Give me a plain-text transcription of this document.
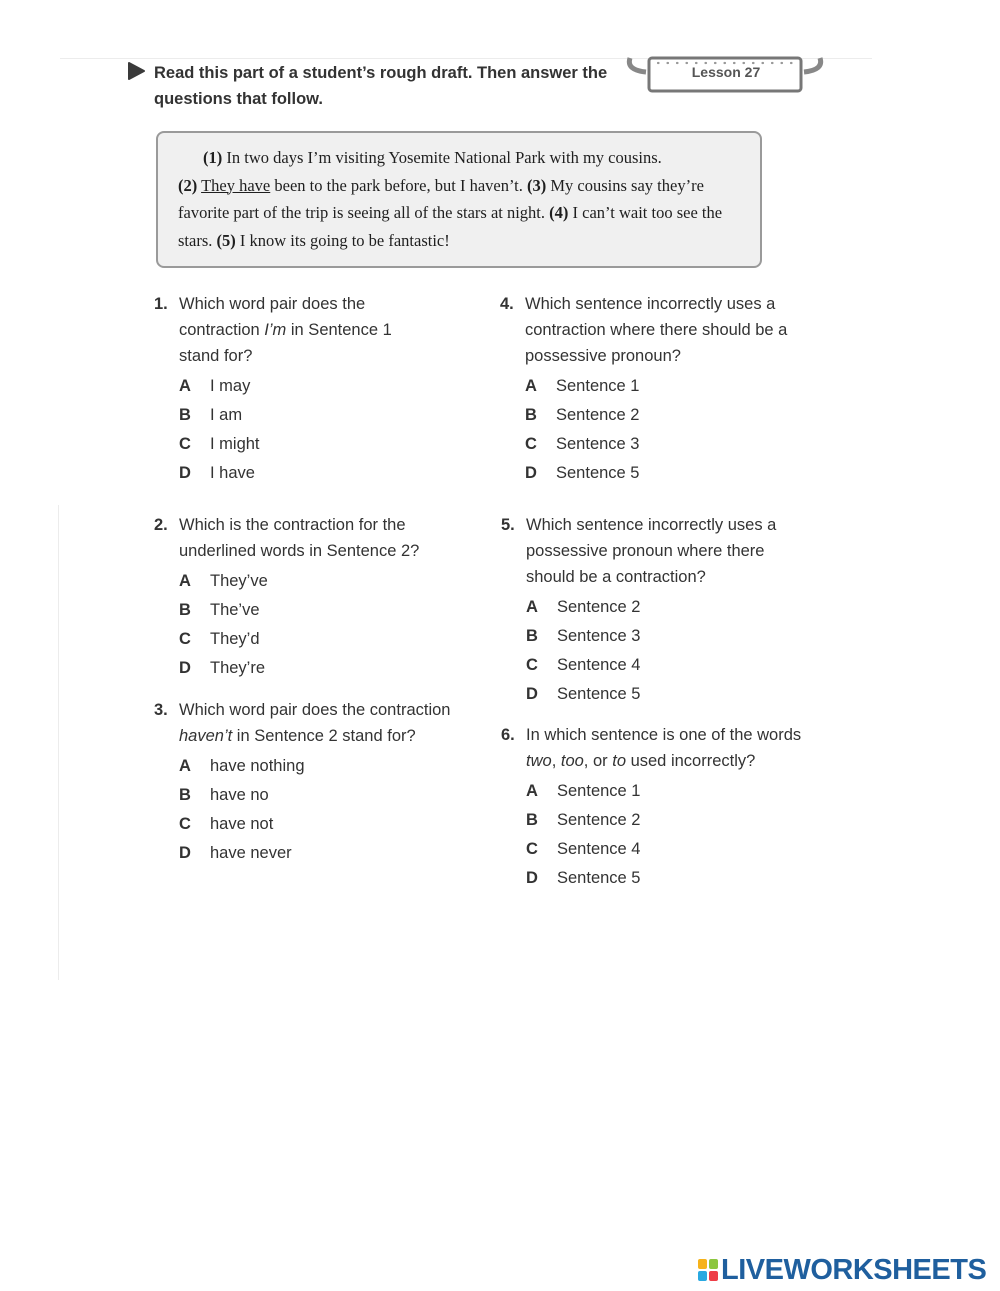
Read this part of a student’s rough draft. Then answer the questions that follow.
Lesson 27

(1) In two days I’m visiting Yosemite National Park with my cousins.

(2) They have been to the park before, but I haven’t. (3) My cousins say they’re favorite part of the trip is seeing all of the stars at night. (4) I can’t wait too see the stars. (5) I know its going to be fantastic!

1. Which word pair does the contraction I’m in Sentence 1 stand for?
A I may
B I am
C I might
D I have
2. Which is the contraction for the underlined words in Sentence 2?
A They’ve
B The’ve
C They’d
D They’re
3. Which word pair does the contraction haven’t in Sentence 2 stand for?
A have nothing
B have no
C have not
D have never
4. Which sentence incorrectly uses a contraction where there should be a possessive pronoun?
A Sentence 1
B Sentence 2
C Sentence 3
D Sentence 5
5. Which sentence incorrectly uses a possessive pronoun where there should be a contraction?
A Sentence 2
B Sentence 3
C Sentence 4
D Sentence 5
6. In which sentence is one of the words two, too, or to used incorrectly?
A Sentence 1
B Sentence 2
C Sentence 4
D Sentence 5
LIVEWORKSHEETS
